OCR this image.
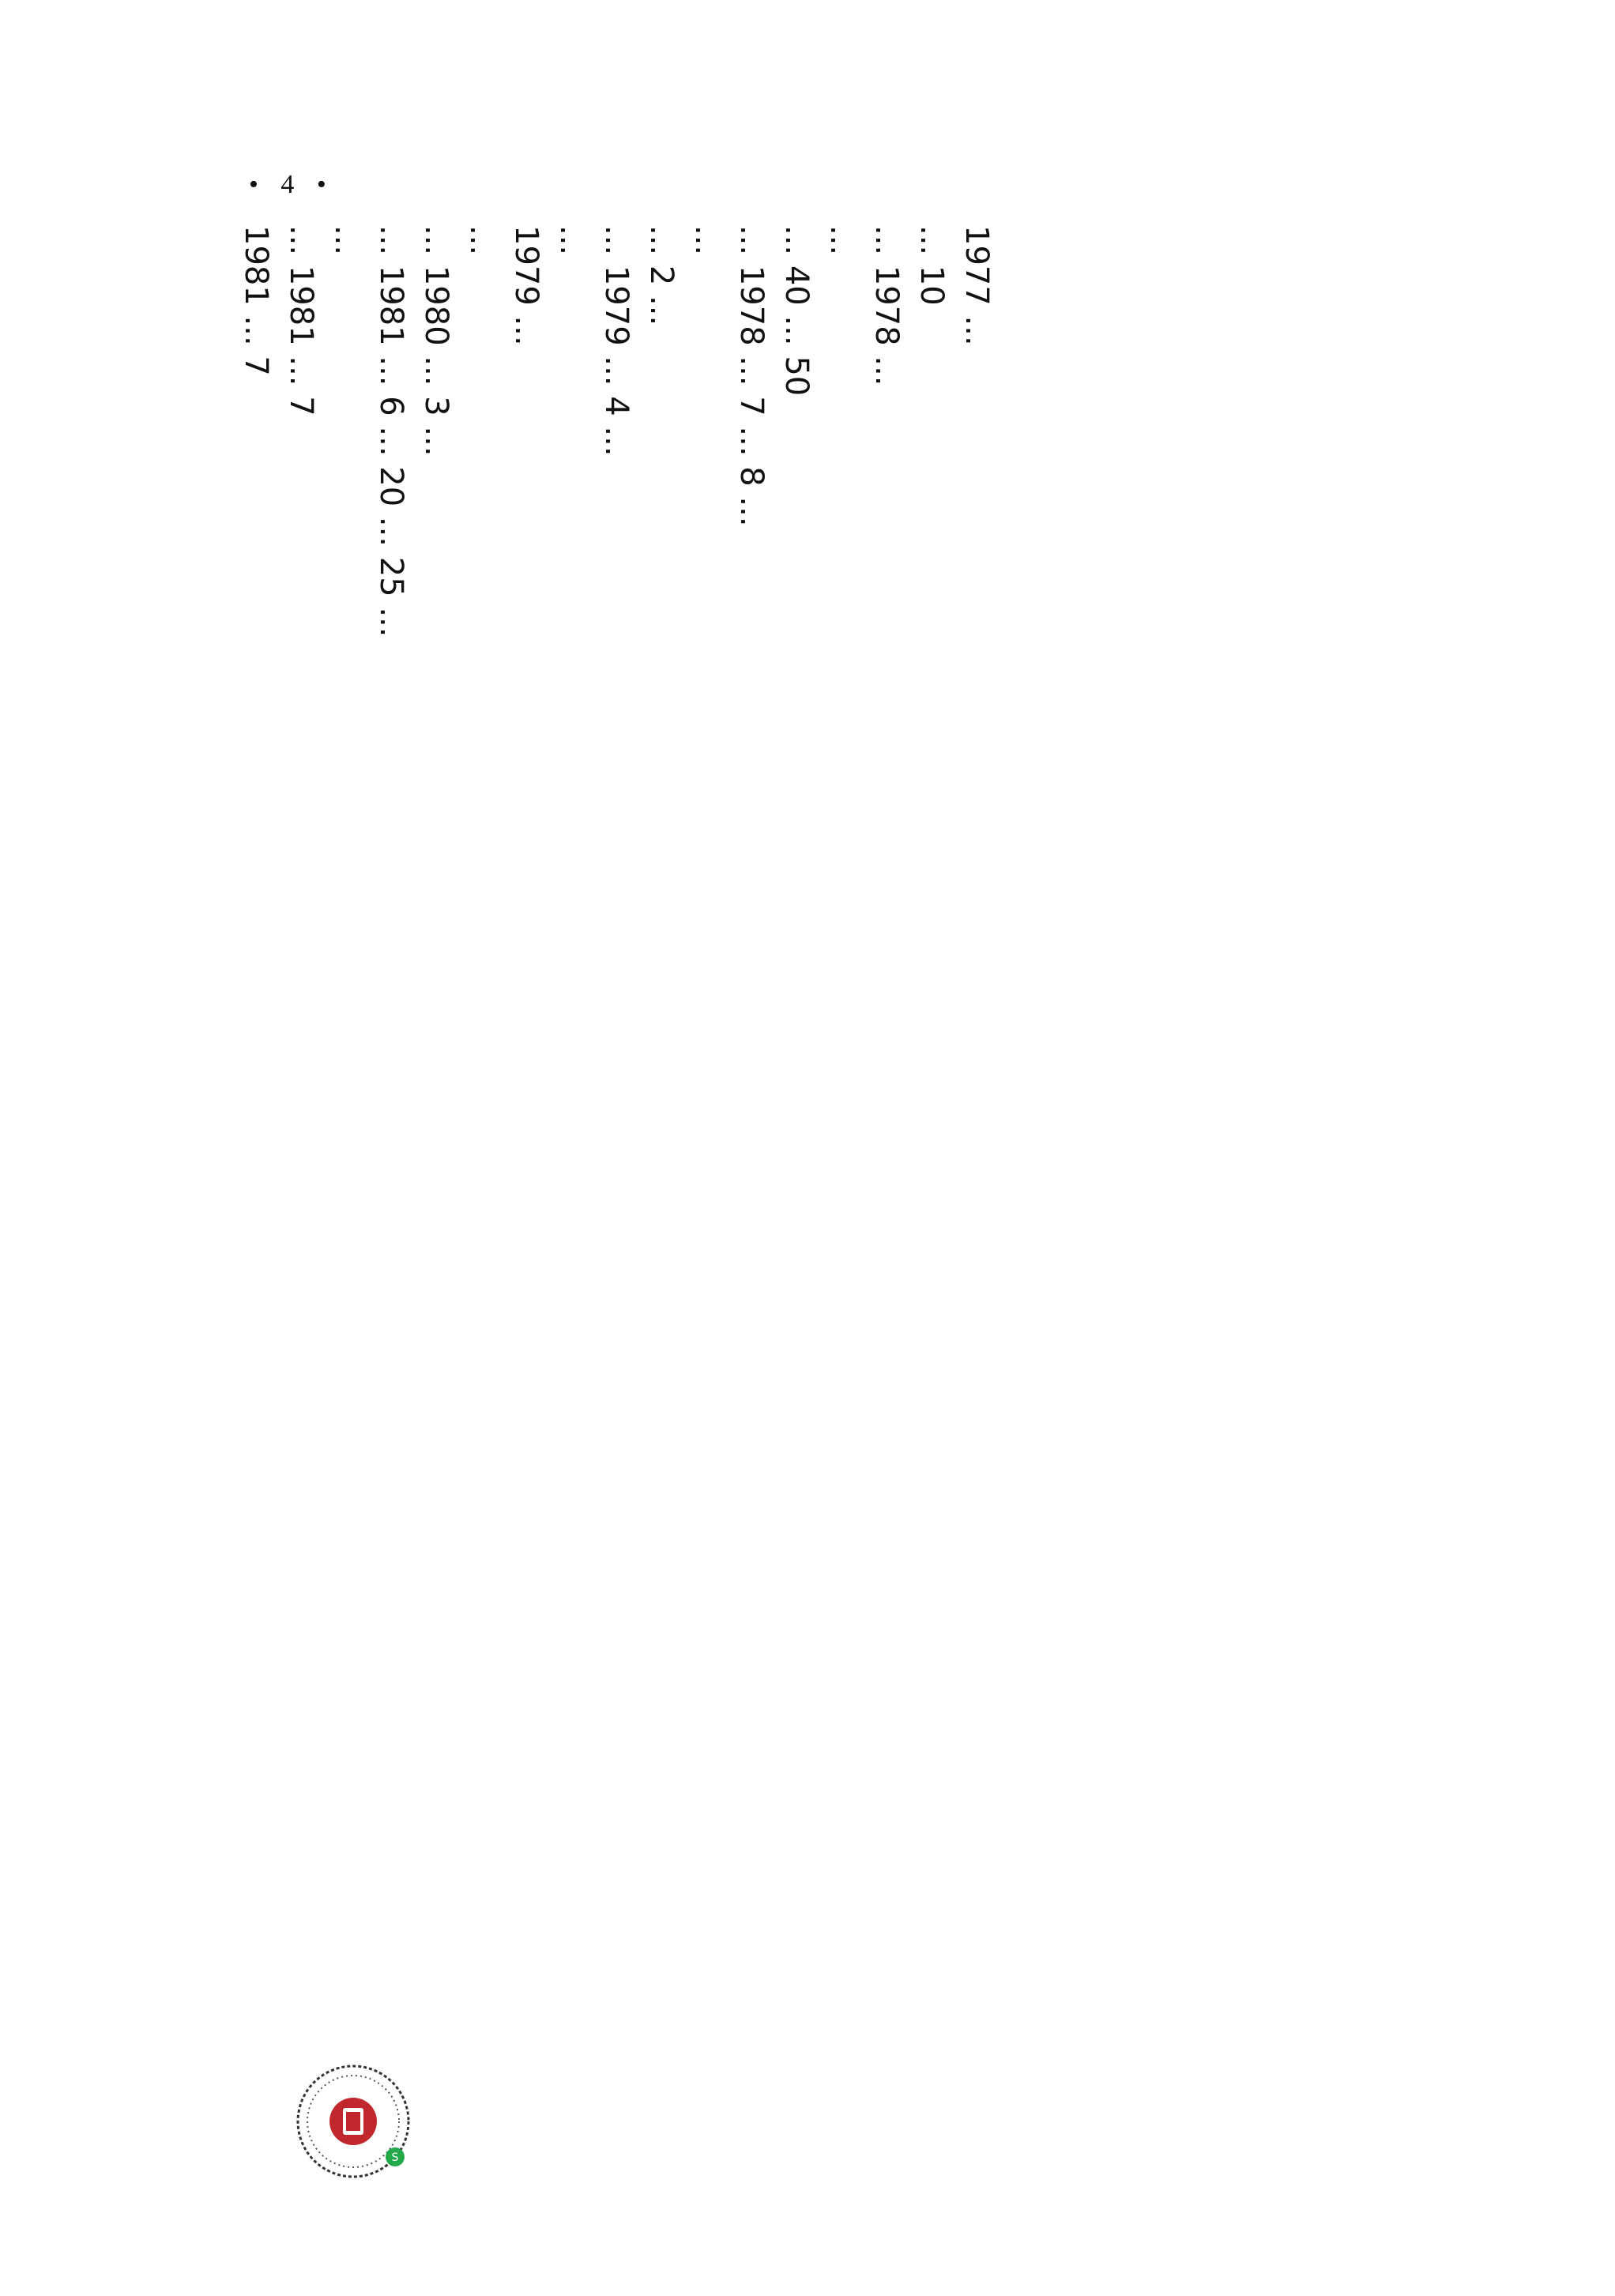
• 4 •
1981 ... 7 ... 1981 ... 7 ... ... 1981 ... 6 ... 20 ... 25 ... ... 1980 ... 3 ... ... 1979 ... ... ... 1979 ... 4 ... ... 2 ... ... ... 1978 ... 7 ... 8 ... ... 40 ... 50 ... ... 1978 ... ... 10 1977 ...
S
